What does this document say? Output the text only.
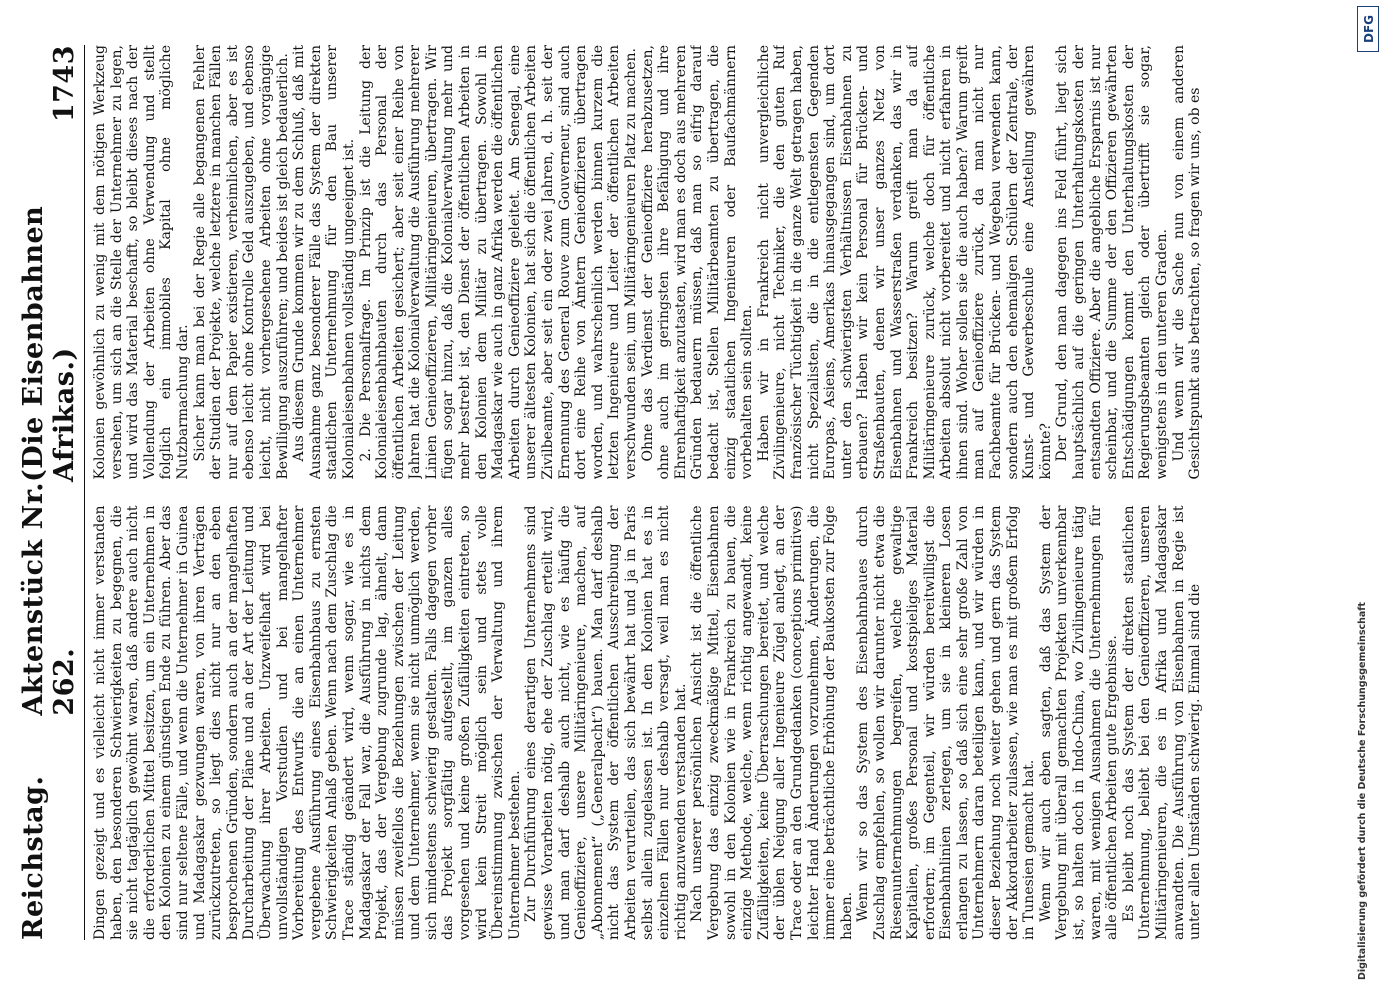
Reichstag.
Aktenstück Nr. 262.
(Die Eisenbahnen Afrikas.)
1743

Dingen gezeigt und es vielleicht nicht immer verstanden haben, den besonderen Schwierigkeiten zu begegnen, die sie nicht tagtäglich gewöhnt waren, daß andere auch nicht die erforderlichen Mittel besitzen, um ein Unternehmen in den Kolonien zu einem günstigen Ende zu führen. Aber das sind nur seltene Fälle, und wenn die Unternehmer in Guinea und Madagaskar gezwungen waren, von ihren Verträgen zurückzutreten, so liegt dies nicht nur an den eben besprochenen Gründen, sondern auch an der mangelhaften Durcharbeitung der Pläne und an der Art der Leitung und Überwachung ihrer Arbeiten. Unzweifelhaft wird bei unvollständigen Vorstudien und bei mangelhafter Vorbereitung des Entwurfs die an einen Unternehmer vergebene Ausführung eines Eisenbahnbaus zu ernsten Schwierigkeiten Anlaß geben. Wenn nach dem Zuschlag die Trace ständig geändert wird, wenn sogar, wie es in Madagaskar der Fall war, die Ausführung in nichts dem Projekt, das der Vergebung zugrunde lag, ähnelt, dann müssen zweifellos die Beziehungen zwischen der Leitung und dem Unternehmer, wenn sie nicht unmöglich werden, sich mindestens schwierig gestalten. Falls dagegen vorher das Projekt sorgfältig aufgestellt, im ganzen alles vorgesehen und keine großen Zufälligkeiten eintreten, so wird kein Streit möglich sein und stets volle Übereinstimmung zwischen der Verwaltung und ihrem Unternehmer bestehen. Zur Durchführung eines derartigen Unternehmens sind gewisse Vorarbeiten nötig, ehe der Zuschlag erteilt wird, und man darf deshalb auch nicht, wie es häufig die Genieoffiziere, unsere Militäringenieure, machen, auf „Abonnement“ („Generalpacht“) bauen. Man darf deshalb nicht das System der öffentlichen Ausschreibung der Arbeiten verurteilen, das sich bewährt hat und ja in Paris selbst allein zugelassen ist. In den Kolonien hat es in einzelnen Fällen nur deshalb versagt, weil man es nicht richtig anzuwenden verstanden hat. Nach unserer persönlichen Ansicht ist die öffentliche Vergebung das einzig zweckmäßige Mittel, Eisenbahnen sowohl in den Kolonien wie in Frankreich zu bauen, die einzige Methode, welche, wenn richtig angewandt, keine Zufälligkeiten, keine Überraschungen bereitet, und welche der üblen Neigung aller Ingenieure Zügel anlegt, an der Trace oder an den Grundgedanken (conceptions primitives) leichter Hand Änderungen vorzunehmen, Änderungen, die immer eine beträchtliche Erhöhung der Baukosten zur Folge haben. Wenn wir so das System des Eisenbahnbaues durch Zuschlag empfehlen, so wollen wir darunter nicht etwa die Riesenunternehmungen begreifen, welche gewaltige Kapitalien, großes Personal und kostspieliges Material erfordern; im Gegenteil, wir würden bereitwilligst die Eisenbahnlinien zerlegen, um sie in kleineren Losen erlangen zu lassen, so daß sich eine sehr große Zahl von Unternehmern daran beteiligen kann, und wir würden in dieser Beziehung noch weiter gehen und gern das System der Akkordarbeiter zulassen, wie man es mit großem Erfolg in Tunesien gemacht hat. Wenn wir auch eben sagten, daß das System der Vergebung mit überall gemachten Projekten unverkennbar ist, so halten doch in Indo-China, wo Zivilingenieure tätig waren, mit wenigen Ausnahmen die Unternehmungen für alle öffentlichen Arbeiten gute Ergebnisse. Es bleibt noch das System der direkten staatlichen Unternehmung, beliebt bei den Genieoffizieren, unseren Militäringenieuren, die es in Afrika und Madagaskar anwandten. Die Ausführung von Eisenbahnen in Regie ist unter allen Umständen schwierig. Einmal sind die

Kolonien gewöhnlich zu wenig mit dem nötigen Werkzeug versehen, um sich an die Stelle der Unternehmer zu legen, und wird das Material beschafft, so bleibt dieses nach der Vollendung der Arbeiten ohne Verwendung und stellt folglich ein immobiles Kapital ohne mögliche Nutzbarmachung dar. Sicher kann man bei der Regie alle begangenen Fehler der Studien der Projekte, welche letztere in manchen Fällen nur auf dem Papier existieren, verheimlichen, aber es ist ebenso leicht ohne Kontrolle Geld auszugeben, und ebenso leicht, nicht vorhergesehene Arbeiten ohne vorgängige Bewilligung auszuführen; und beides ist gleich bedauerlich. Aus diesem Grunde kommen wir zu dem Schluß, daß mit Ausnahme ganz besonderer Fälle das System der direkten staatlichen Unternehmung für den Bau unserer Kolonialeisenbahnen vollständig ungeeignet ist. 2. Die Personalfrage. Im Prinzip ist die Leitung der Kolonialeisenbahnbauten durch das Personal der öffentlichen Arbeiten gesichert; aber seit einer Reihe von Jahren hat die Kolonialverwaltung die Ausführung mehrerer Linien Genieoffizieren, Militäringenieuren, übertragen. Wir fügen sogar hinzu, daß die Kolonialverwaltung mehr und mehr bestrebt ist, den Dienst der öffentlichen Arbeiten in den Kolonien dem Militär zu übertragen. Sowohl in Madagaskar wie auch in ganz Afrika werden die öffentlichen Arbeiten durch Genieoffiziere geleitet. Am Senegal, eine unserer ältesten Kolonien, hat sich die öffentlichen Arbeiten Zivilbeamte, aber seit ein oder zwei Jahren, d. h. seit der Ernennung des General Rouve zum Gouverneur, sind auch dort eine Reihe von Ämtern Genieoffizieren übertragen worden, und wahrscheinlich werden binnen kurzem die letzten Ingenieure und Leiter der öffentlichen Arbeiten verschwunden sein, um Militäringenieuren Platz zu machen. Ohne das Verdienst der Genieoffiziere herabzusetzen, ohne auch im geringsten ihre Befähigung und ihre Ehrenhaftigkeit anzutasten, wird man es doch aus mehreren Gründen bedauern müssen, daß man so eifrig darauf bedacht ist, Stellen Militärbeamten zu übertragen, die einzig staatlichen Ingenieuren oder Baufachmännern vorbehalten sein sollten. Haben wir in Frankreich nicht unvergleichliche Zivilingenieure, nicht Techniker, die den guten Ruf französischer Tüchtigkeit in die ganze Welt getragen haben, nicht Spezialisten, die in die entlegensten Gegenden Europas, Asiens, Amerikas hinausgegangen sind, um dort unter den schwierigsten Verhältnissen Eisenbahnen zu erbauen? Haben wir kein Personal für Brücken- und Straßenbauten, denen wir unser ganzes Netz von Eisenbahnen und Wasserstraßen verdanken, das wir in Frankreich besitzen? Warum greift man da auf Militäringenieure zurück, welche doch für öffentliche Arbeiten absolut nicht vorbereitet und nicht erfahren in ihnen sind. Woher sollen sie die auch haben? Warum greift man auf Genieoffiziere zurück, da man nicht nur Fachbeamte für Brücken- und Wegebau verwenden kann, sondern auch den ehemaligen Schülern der Zentrale, der Kunst- und Gewerbeschule eine Anstellung gewähren könnte? Der Grund, den man dagegen ins Feld führt, liegt sich hauptsächlich auf die geringen Unterhaltungskosten der entsandten Offiziere. Aber die angebliche Ersparnis ist nur scheinbar, und die Summe der den Offizieren gewährten Entschädigungen kommt den Unterhaltungskosten der Regierungsbeamten gleich oder übertrifft sie sogar, wenigstens in den unteren Graden. Und wenn wir die Sache nun von einem anderen Gesichtspunkt aus betrachten, so fragen wir uns, ob es

DFG
Digitalisierung gefördert durch die Deutsche Forschungsgemeinschaft
